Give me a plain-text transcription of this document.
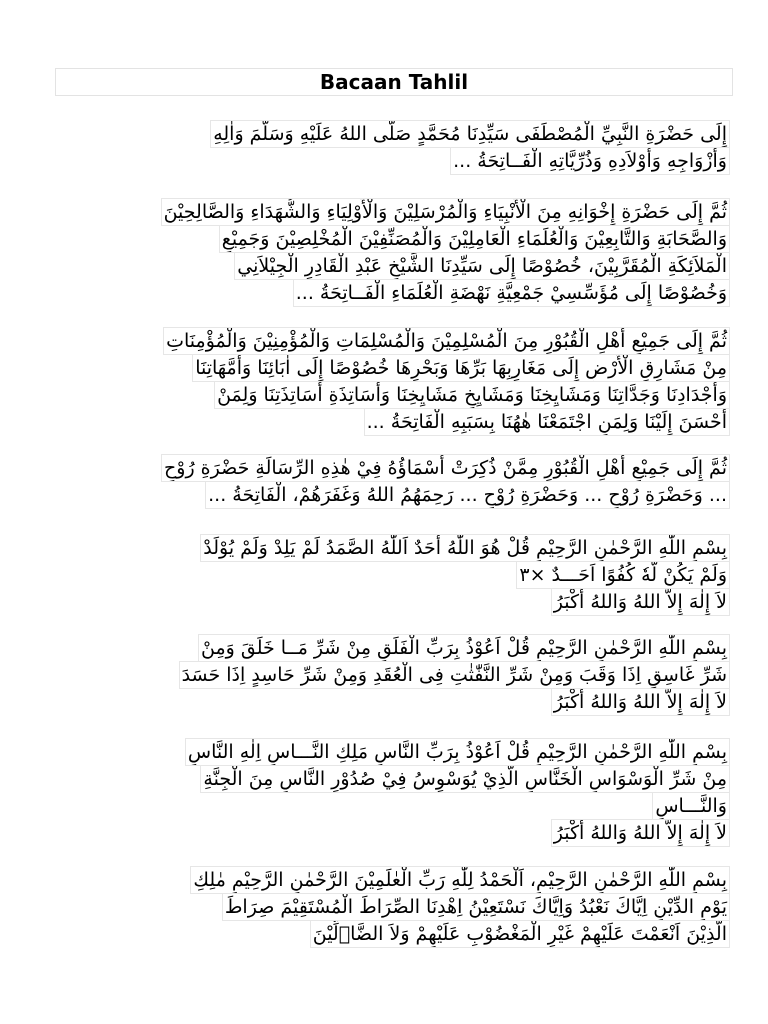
Bacaan Tahlil
إِلَى حَضْرَةِ النَّبِيِّ الْمُصْطَفَى سَيِّدِنَا مُحَمَّدٍ صَلَّى اللهُ عَلَيْهِ وَسَلَّمَ وَاٰلِهِ
وَأَزْوَاجِهِ وَأَوْلاَدِهِ وَذُرِّيَّاتِهِ الْفَــاتِحَةُ ...
ثُمَّ إِلَى حَضْرَةِ إِخْوَانِهِ مِنَ الْأَنْبِيَاءِ وَالْمُرْسَلِيْنَ وَالْأَوْلِيَاءِ وَالشُّهَدَاءِ وَالصَّالِحِيْنَ
وَالصَّحَابَةِ وَالتَّابِعِيْنَ وَالْعُلَمَاءِ الْعَامِلِيْنَ وَالْمُصَنِّفِيْنَ الْمُخْلِصِيْنَ وَجَمِيْعِ
الْمَلاَئِكَةِ الْمُقَرَّبِيْنَ، خُصُوْصًا إِلَى سَيِّدِنَا الشَّيْخِ عَبْدِ الْقَادِرِ الْجِيْلاَنِي
وَخُصُوْصًا إِلَى مُؤَسِّسِيْ جَمْعِيَّةِ نَهْضَةِ الْعُلَمَاءِ الْفَــاتِحَةُ ...
ثُمَّ إِلَى جَمِيْعِ أَهْلِ الْقُبُوْرِ مِنَ الْمُسْلِمِيْنَ وَالْمُسْلِمَاتِ وَالْمُؤْمِنِيْنَ وَالْمُؤْمِنَاتِ
مِنْ مَشَارِقِ الْأَرْضِ إِلَى مَغَارِبِهَا بَرِّهَا وَبَحْرِهَا خُصُوْصًا إِلَى اٰبَائِنَا وَأُمَّهَاتِنَا
وَأَجْدَادِنَا وَجَدَّاتِنَا وَمَشَايِخِنَا وَمَشَايِخِ مَشَايِخِنَا وَأَسَاتِذَةِ أَسَاتِذَتِنَا وَلِمَنْ
أَحْسَنَ إِلَيْنَا وَلِمَنِ اجْتَمَعْنَا هٰهُنَا بِسَبَبِهِ الْفَاتِحَةُ ...
ثُمَّ إِلَى جَمِيْعِ أَهْلِ الْقُبُوْرِ مِمَّنْ ذُكِرَتْ أَسْمَاؤُهُ فِيْ هٰذِهِ الرِّسَالَةِ حَضْرَةِ رُوْحِ
... وَحَضْرَةِ رُوْحِ ... وَحَضْرَةِ رُوْحِ ... رَحِمَهُمُ اللهُ وَغَفَرَهُمْ، الْفَاتِحَةُ ...
بِسْمِ اللّٰهِ الرَّحْمٰنِ الرَّحِيْمِ قُلْ هُوَ اللّٰهُ أَحَدٌ اَللّٰهُ الصَّمَدُ لَمْ يَلِدْ وَلَمْ يُوْلَدْ
وَلَمْ يَكُنْ لَّهٗ كُفُوًا اَحَـــدٌ ×٣
لاَ إِلٰهَ إِلاَّ اللهُ وَاللهُ أَكْبَرُ
بِسْمِ اللّٰهِ الرَّحْمٰنِ الرَّحِيْمِ قُلْ اَعُوْذُ بِرَبِّ الْفَلَقِ مِنْ شَرِّ مَــا خَلَقَ وَمِنْ
شَرِّ غَاسِقٍ اِذَا وَقَبَ وَمِنْ شَرِّ النَّفّٰثٰتِ فِى الْعُقَدِ وَمِنْ شَرِّ حَاسِدٍ اِذَا حَسَدَ
لاَ إِلٰهَ إِلاَّ اللهُ وَاللهُ أَكْبَرُ
بِسْمِ اللّٰهِ الرَّحْمٰنِ الرَّحِيْمِ قُلْ اَعُوْذُ بِرَبِّ النَّاسِ مَلِكِ النَّـــاسِ اِلٰهِ النَّاسِ
مِنْ شَرِّ الْوَسْوَاسِ الْخَنَّاسِ الَّذِيْ يُوَسْوِسُ فِيْ صُدُوْرِ النَّاسِ مِنَ الْجِنَّةِ
وَالنَّـــاسِ
لاَ إِلٰهَ إِلاَّ اللهُ وَاللهُ أَكْبَرُ
بِسْمِ اللّٰهِ الرَّحْمٰنِ الرَّحِيْمِ، اَلْحَمْدُ لِلّٰهِ رَبِّ الْعٰلَمِيْنَ الرَّحْمٰنِ الرَّحِيْمِ مٰلِكِ
يَوْمِ الدِّيْنِ اِيَّاكَ نَعْبُدُ وَاِيَّاكَ نَسْتَعِيْنُ اِهْدِنَا الصِّرَاطَ الْمُسْتَقِيْمَ صِرَاطَ
الَّذِيْنَ اَنْعَمْتَ عَلَيْهِمْ غَيْرِ الْمَغْضُوْبِ عَلَيْهِمْ وَلاَ الضَّاۤلِّيْنَ
